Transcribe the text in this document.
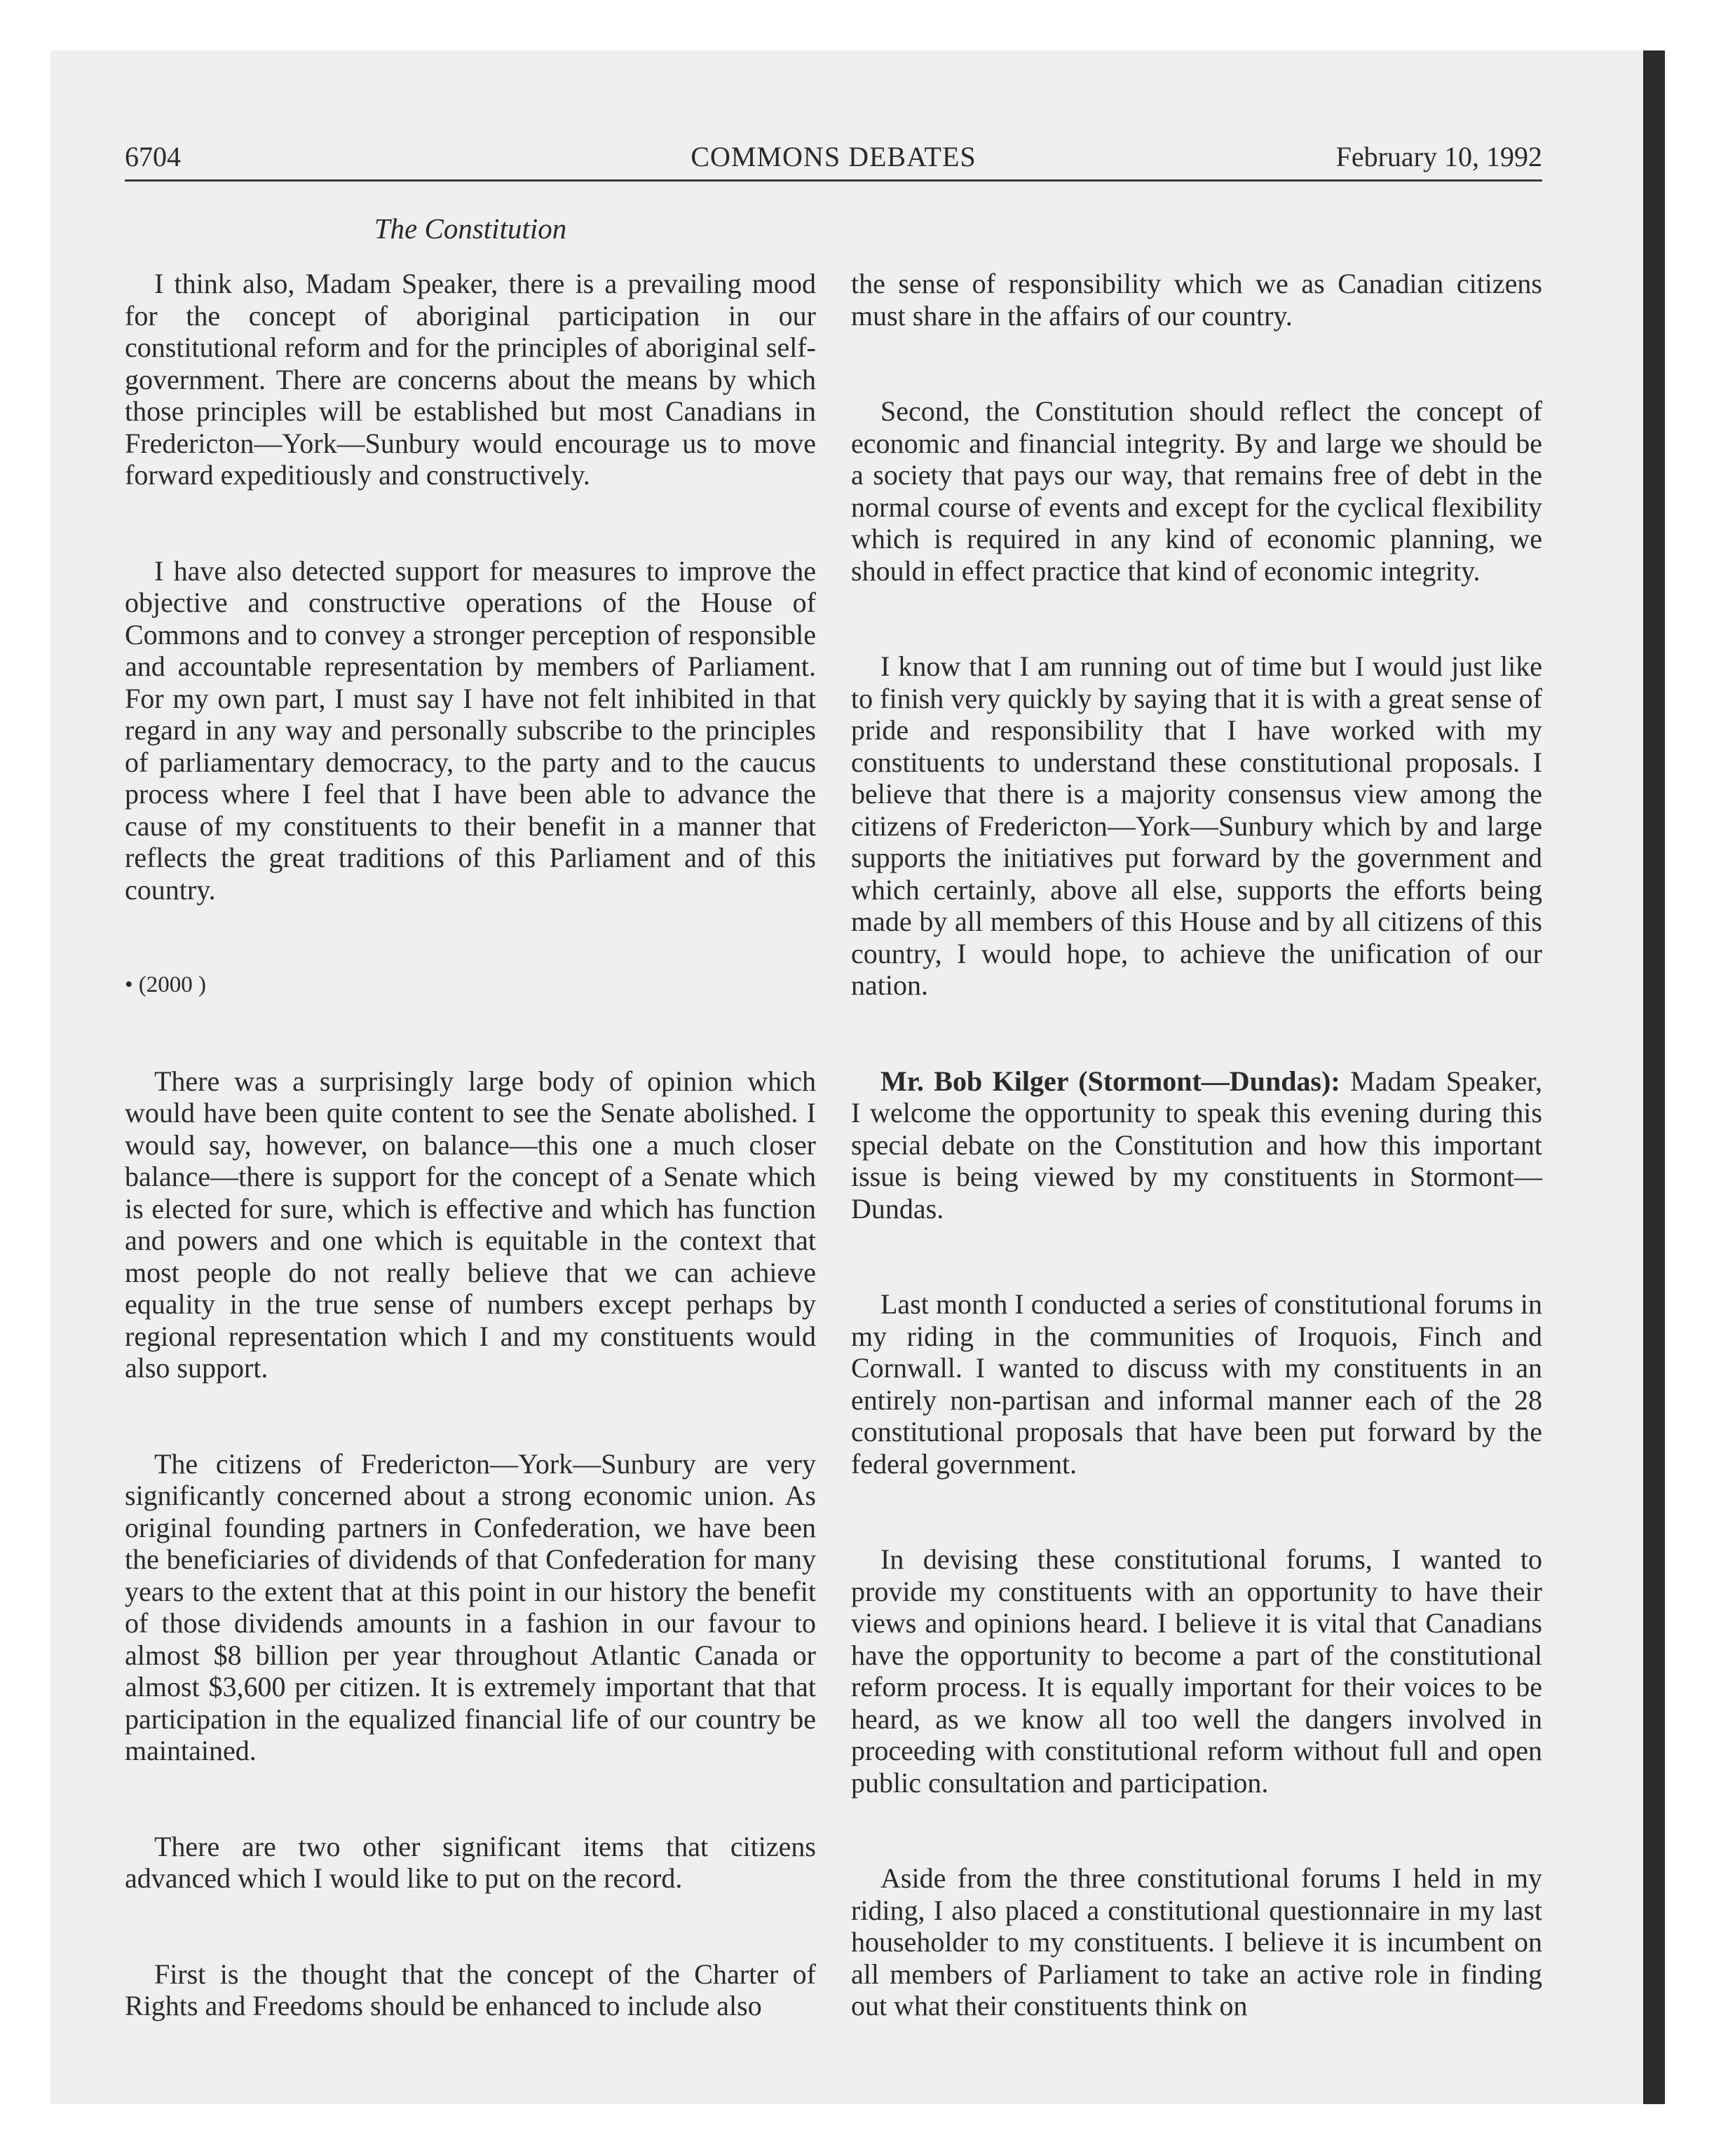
6704	COMMONS DEBATES	February 10, 1992
The Constitution

I think also, Madam Speaker, there is a prevailing mood for the concept of aboriginal participation in our constitutional reform and for the principles of aboriginal self-government. There are concerns about the means by which those principles will be established but most Canadians in Fredericton—York—Sunbury would encourage us to move forward expeditiously and constructively.

I have also detected support for measures to improve the objective and constructive operations of the House of Commons and to convey a stronger perception of responsible and accountable representation by members of Parliament. For my own part, I must say I have not felt inhibited in that regard in any way and personally subscribe to the principles of parliamentary democracy, to the party and to the caucus process where I feel that I have been able to advance the cause of my constituents to their benefit in a manner that reflects the great traditions of this Parliament and of this country.

• (2000 )

There was a surprisingly large body of opinion which would have been quite content to see the Senate abolished. I would say, however, on balance—this one a much closer balance—there is support for the concept of a Senate which is elected for sure, which is effective and which has function and powers and one which is equitable in the context that most people do not really believe that we can achieve equality in the true sense of numbers except perhaps by regional representation which I and my constituents would also support.

The citizens of Fredericton—York—Sunbury are very significantly concerned about a strong economic union. As original founding partners in Confederation, we have been the beneficiaries of dividends of that Confederation for many years to the extent that at this point in our history the benefit of those dividends amounts in a fashion in our favour to almost $8 billion per year throughout Atlantic Canada or almost $3,600 per citizen. It is extremely important that that participation in the equalized financial life of our country be maintained.

There are two other significant items that citizens advanced which I would like to put on the record.

First is the thought that the concept of the Charter of Rights and Freedoms should be enhanced to include also

the sense of responsibility which we as Canadian citizens must share in the affairs of our country.

Second, the Constitution should reflect the concept of economic and financial integrity. By and large we should be a society that pays our way, that remains free of debt in the normal course of events and except for the cyclical flexibility which is required in any kind of economic planning, we should in effect practice that kind of economic integrity.

I know that I am running out of time but I would just like to finish very quickly by saying that it is with a great sense of pride and responsibility that I have worked with my constituents to understand these constitutional proposals. I believe that there is a majority consensus view among the citizens of Fredericton—York—Sunbury which by and large supports the initiatives put forward by the government and which certainly, above all else, supports the efforts being made by all members of this House and by all citizens of this country, I would hope, to achieve the unification of our nation.

Mr. Bob Kilger (Stormont—Dundas): Madam Speaker, I welcome the opportunity to speak this evening during this special debate on the Constitution and how this important issue is being viewed by my constituents in Stormont—Dundas.

Last month I conducted a series of constitutional forums in my riding in the communities of Iroquois, Finch and Cornwall. I wanted to discuss with my constituents in an entirely non-partisan and informal manner each of the 28 constitutional proposals that have been put forward by the federal government.

In devising these constitutional forums, I wanted to provide my constituents with an opportunity to have their views and opinions heard. I believe it is vital that Canadians have the opportunity to become a part of the constitutional reform process. It is equally important for their voices to be heard, as we know all too well the dangers involved in proceeding with constitutional reform without full and open public consultation and participation.

Aside from the three constitutional forums I held in my riding, I also placed a constitutional questionnaire in my last householder to my constituents. I believe it is incumbent on all members of Parliament to take an active role in finding out what their constituents think on
